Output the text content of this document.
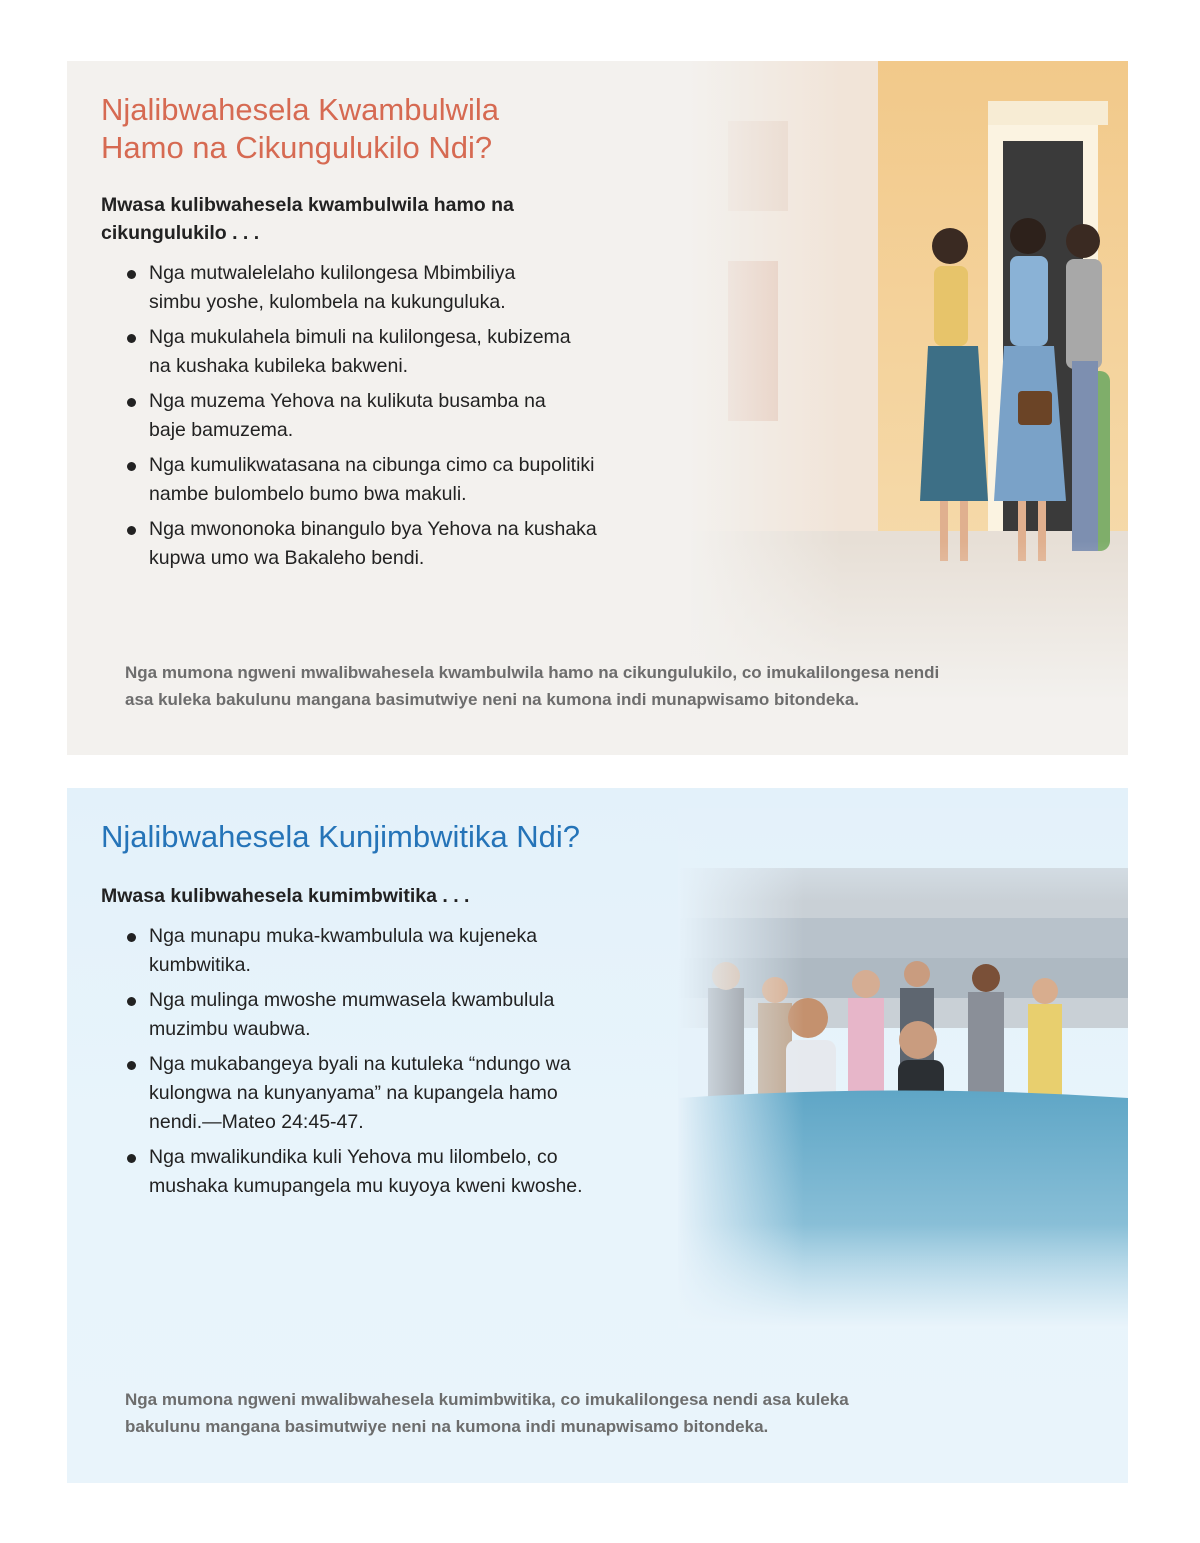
Njalibwahesela Kwambulwila
Hamo na Cikungulukilo Ndi?

Mwasa kulibwahesela kwambulwila hamo na
cikungulukilo . . .

Nga mutwalelelaho kulilongesa Mbimbiliya
simbu yoshe, kulombela na kukunguluka.
Nga mukulahela bimuli na kulilongesa, kubizema
na kushaka kubileka bakweni.
Nga muzema Yehova na kulikuta busamba na
baje bamuzema.
Nga kumulikwatasana na cibunga cimo ca bupolitiki
nambe bulombelo bumo bwa makuli.
Nga mwononoka binangulo bya Yehova na kushaka
kupwa umo wa Bakaleho bendi.

Nga mumona ngweni mwalibwahesela kwambulwila hamo na cikungulukilo, co imukalilongesa nendi
asa kuleka bakulunu mangana basimutwiye neni na kumona indi munapwisamo bitondeka.

Njalibwahesela Kunjimbwitika Ndi?

Mwasa kulibwahesela kumimbwitika . . .

Nga munapu muka-kwambulula wa kujeneka
kumbwitika.
Nga mulinga mwoshe mumwasela kwambulula
muzimbu waubwa.
Nga mukabangeya byali na kutuleka “ndungo wa
kulongwa na kunyanyama” na kupangela hamo
nendi.—Mateo 24:45-47.
Nga mwalikundika kuli Yehova mu lilombelo, co
mushaka kumupangela mu kuyoya kweni kwoshe.

Nga mumona ngweni mwalibwahesela kumimbwitika, co imukalilongesa nendi asa kuleka
bakulunu mangana basimutwiye neni na kumona indi munapwisamo bitondeka.
